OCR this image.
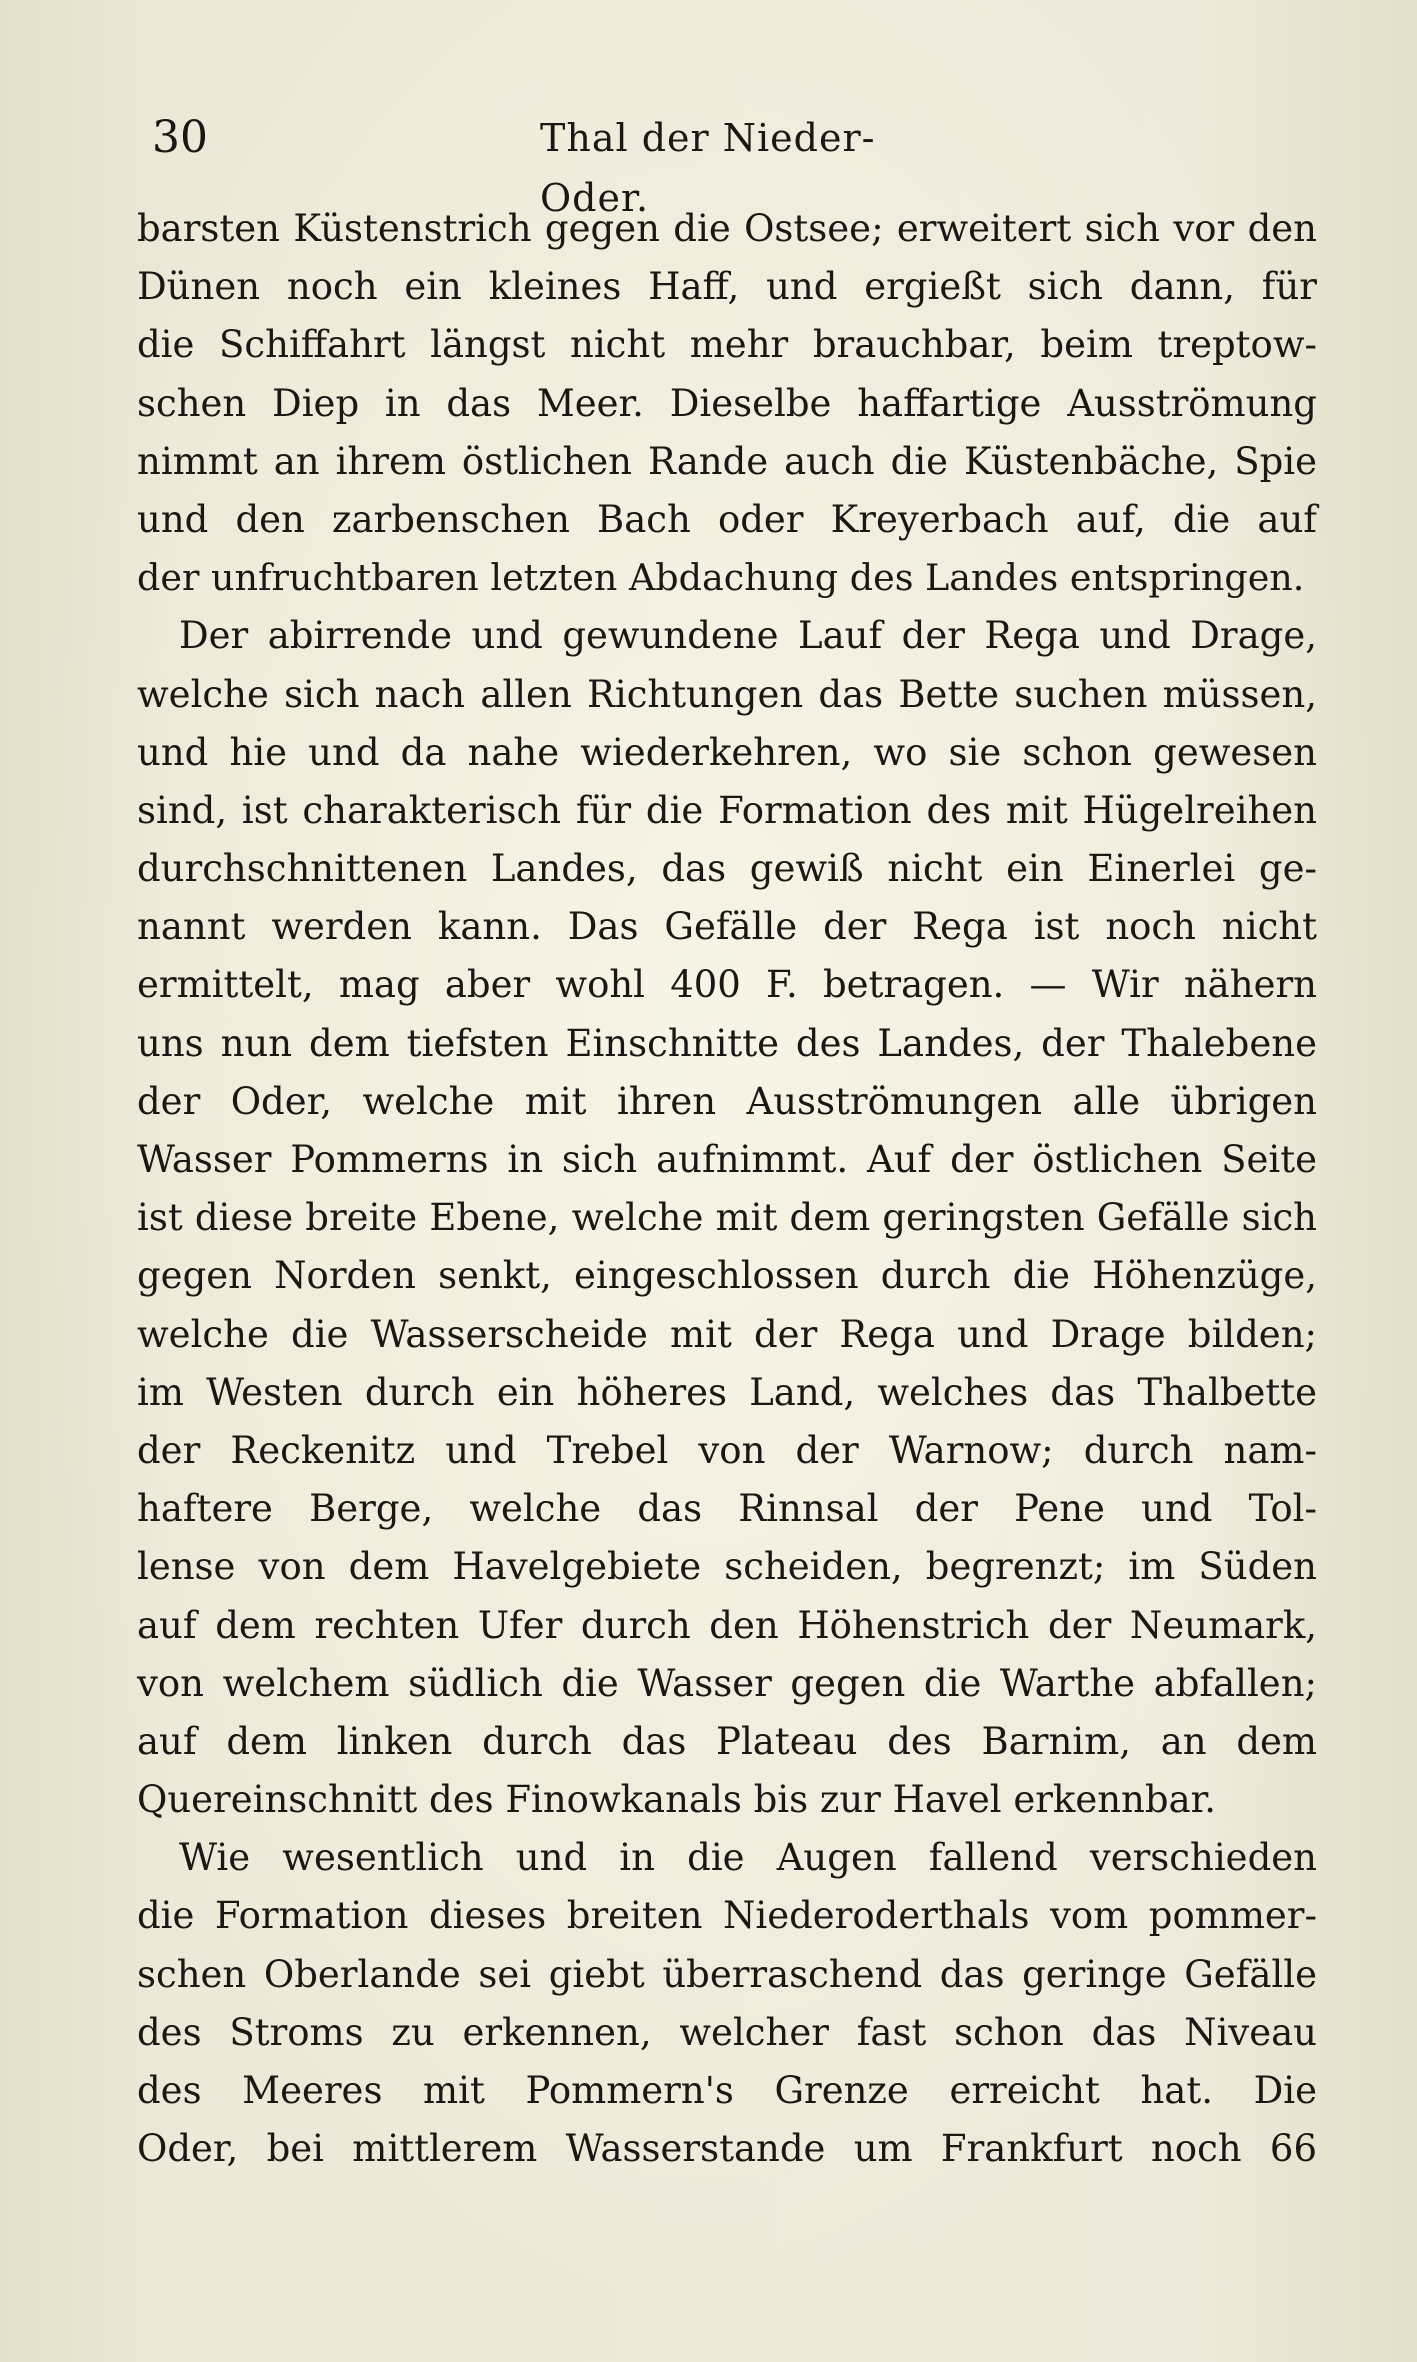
30	Thal der Nieder-Oder.
barsten Küstenstrich gegen die Ostsee; erweitert sich vor den
Dünen noch ein kleines Haff, und ergießt sich dann, für
die Schiffahrt längst nicht mehr brauchbar, beim treptow-
schen Diep in das Meer. Dieselbe haffartige Ausströmung
nimmt an ihrem östlichen Rande auch die Küstenbäche, Spie
und den zarbenschen Bach oder Kreyerbach auf, die auf
der unfruchtbaren letzten Abdachung des Landes entspringen.
Der abirrende und gewundene Lauf der Rega und Drage,
welche sich nach allen Richtungen das Bette suchen müssen,
und hie und da nahe wiederkehren, wo sie schon gewesen
sind, ist charakterisch für die Formation des mit Hügelreihen
durchschnittenen Landes, das gewiß nicht ein Einerlei ge-
nannt werden kann. Das Gefälle der Rega ist noch nicht
ermittelt, mag aber wohl 400 F. betragen. — Wir nähern
uns nun dem tiefsten Einschnitte des Landes, der Thalebene
der Oder, welche mit ihren Ausströmungen alle übrigen
Wasser Pommerns in sich aufnimmt. Auf der östlichen Seite
ist diese breite Ebene, welche mit dem geringsten Gefälle sich
gegen Norden senkt, eingeschlossen durch die Höhenzüge,
welche die Wasserscheide mit der Rega und Drage bilden;
im Westen durch ein höheres Land, welches das Thalbette
der Reckenitz und Trebel von der Warnow; durch nam-
haftere Berge, welche das Rinnsal der Pene und Tol-
lense von dem Havelgebiete scheiden, begrenzt; im Süden
auf dem rechten Ufer durch den Höhenstrich der Neumark,
von welchem südlich die Wasser gegen die Warthe abfallen;
auf dem linken durch das Plateau des Barnim, an dem
Quereinschnitt des Finowkanals bis zur Havel erkennbar.
Wie wesentlich und in die Augen fallend verschieden
die Formation dieses breiten Niederoderthals vom pommer-
schen Oberlande sei giebt überraschend das geringe Gefälle
des Stroms zu erkennen, welcher fast schon das Niveau
des Meeres mit Pommern's Grenze erreicht hat. Die
Oder, bei mittlerem Wasserstande um Frankfurt noch 66
